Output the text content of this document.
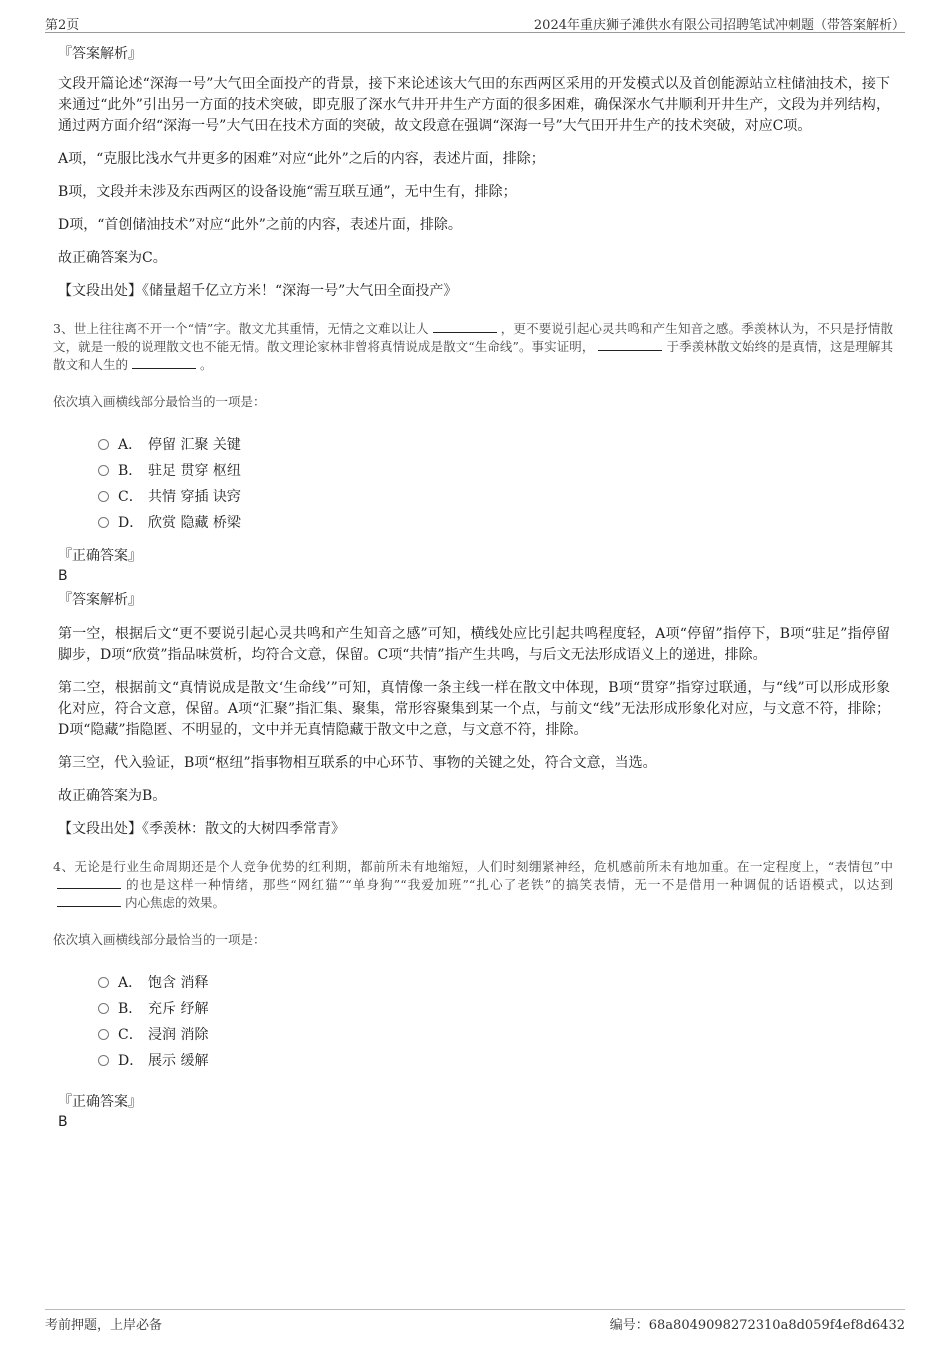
第2页	2024年重庆狮子滩供水有限公司招聘笔试冲刺题（带答案解析）
『答案解析』

文段开篇论述“深海一号”大气田全面投产的背景，接下来论述该大气田的东西两区采用的开发模式以及首创能源站立柱储油技术，接下来通过“此外”引出另一方面的技术突破，即克服了深水气井开井生产方面的很多困难，确保深水气井顺利开井生产，文段为并列结构，通过两方面介绍“深海一号”大气田在技术方面的突破，故文段意在强调“深海一号”大气田开井生产的技术突破，对应C项。

A项，“克服比浅水气井更多的困难”对应“此外”之后的内容，表述片面，排除；

B项，文段并未涉及东西两区的设备设施“需互联互通”，无中生有，排除；

D项，“首创储油技术”对应“此外”之前的内容，表述片面，排除。

故正确答案为C。

【文段出处】《储量超千亿立方米！“深海一号”大气田全面投产》

3、世上往往离不开一个“情”字。散文尤其重情，无情之文难以让人	，更不要说引起心灵共鸣和产生知音之感。季羡林认为，不只是抒情散文，就是一般的说理散文也不能无情。散文理论家林非曾将真情说成是散文“生命线”。事实证明，	于季羡林散文始终的是真情，这是理解其散文和人生的	。
依次填入画横线部分最恰当的一项是：
A． 停留 汇聚 关键
B． 驻足 贯穿 枢纽
C． 共情 穿插 诀窍
D． 欣赏 隐藏 桥梁
『正确答案』
B
『答案解析』

第一空，根据后文“更不要说引起心灵共鸣和产生知音之感”可知，横线处应比引起共鸣程度轻，A项“停留”指停下，B项“驻足”指停留脚步，D项“欣赏”指品味赏析，均符合文意，保留。C项“共情”指产生共鸣，与后文无法形成语义上的递进，排除。

第二空，根据前文“真情说成是散文‘生命线’”可知，真情像一条主线一样在散文中体现，B项“贯穿”指穿过联通，与“线”可以形成形象化对应，符合文意，保留。A项“汇聚”指汇集、聚集，常形容聚集到某一个点，与前文“线”无法形成形象化对应，与文意不符，排除；D项“隐藏”指隐匿、不明显的，文中并无真情隐藏于散文中之意，与文意不符，排除。

第三空，代入验证，B项“枢纽”指事物相互联系的中心环节、事物的关键之处，符合文意，当选。

故正确答案为B。

【文段出处】《季羡林：散文的大树四季常青》

4、无论是行业生命周期还是个人竞争优势的红利期，都前所未有地缩短，人们时刻绷紧神经，危机感前所未有地加重。在一定程度上，“表情包”中的也是这样一种情绪，那些“网红猫”“单身狗”“我爱加班”“扎心了老铁”的搞笑表情，无一不是借用一种调侃的话语模式，以达到内心焦虑的效果。
依次填入画横线部分最恰当的一项是：
A． 饱含 消释
B． 充斥 纾解
C． 浸润 消除
D． 展示 缓解
『正确答案』
B
考前押题，上岸必备	编号：68a8049098272310a8d059f4ef8d6432
